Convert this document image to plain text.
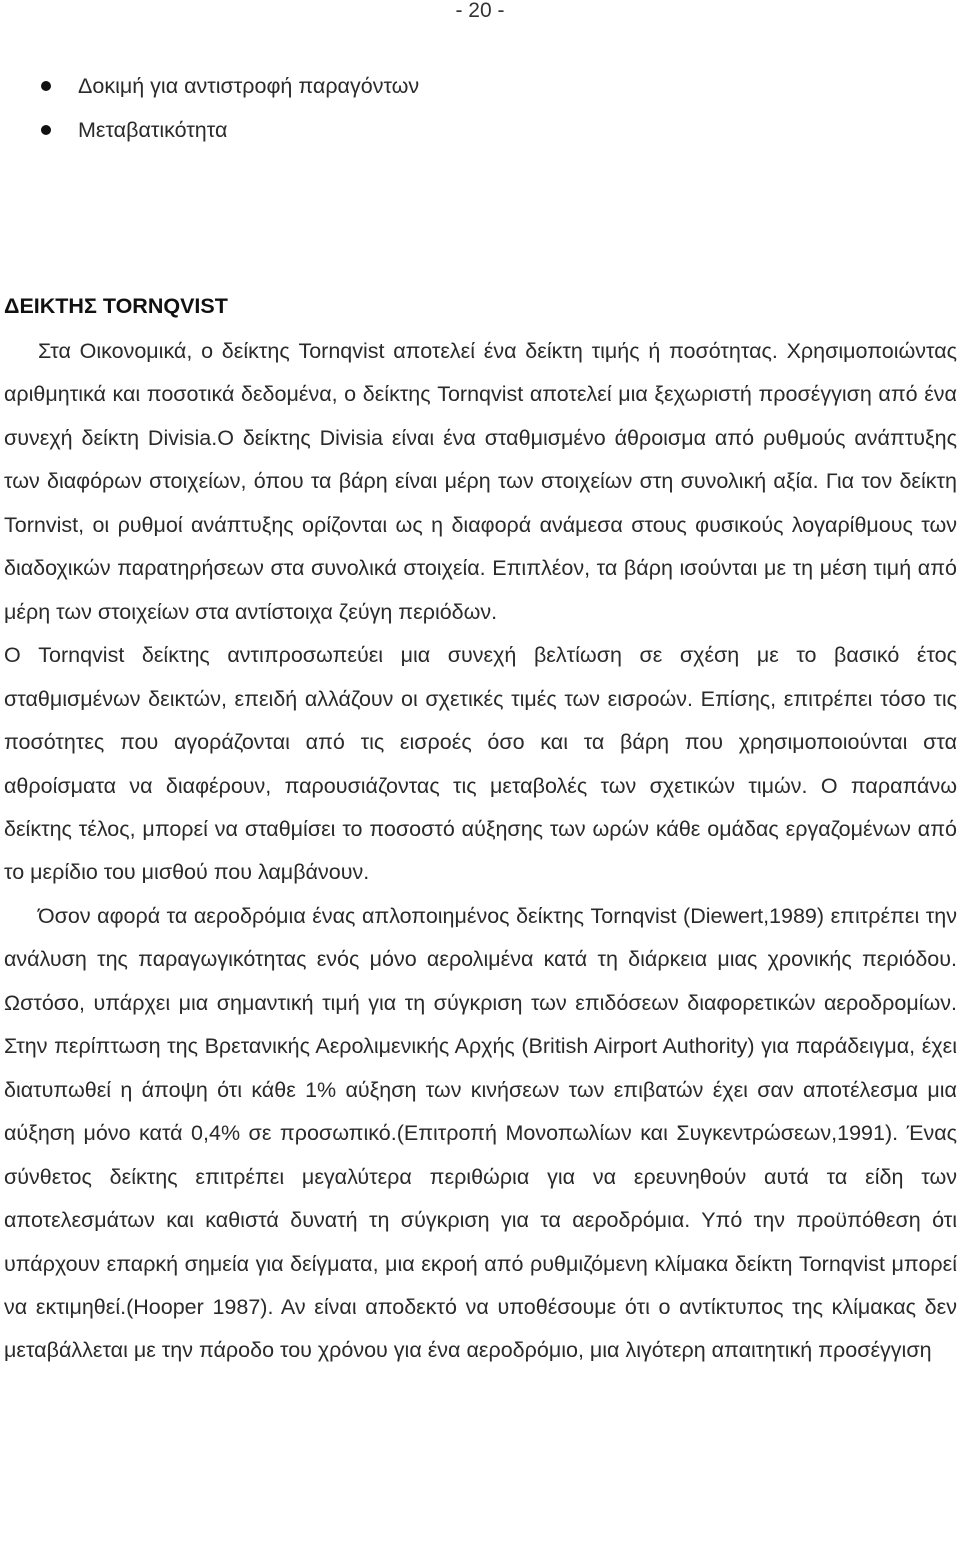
- 20 -
Δοκιμή για αντιστροφή παραγόντων
Μεταβατικότητα
ΔΕΙΚΤΗΣ TORNQVIST

Στα Οικονομικά, ο δείκτης Tornqvist αποτελεί ένα δείκτη τιμής ή ποσότητας. Χρησιμοποιώντας αριθμητικά και ποσοτικά δεδομένα, ο δείκτης Tornqvist αποτελεί μια ξεχωριστή προσέγγιση από ένα συνεχή δείκτη Divisia.Ο δείκτης Divisia είναι ένα σταθμισμένο άθροισμα από ρυθμούς ανάπτυξης των διαφόρων στοιχείων, όπου τα βάρη είναι μέρη των στοιχείων στη συνολική αξία. Για τον δείκτη Tornvist, οι ρυθμοί ανάπτυξης ορίζονται ως η διαφορά ανάμεσα στους φυσικούς λογαρίθμους των διαδοχικών παρατηρήσεων στα συνολικά στοιχεία. Επιπλέον, τα βάρη ισούνται με τη μέση τιμή από μέρη των στοιχείων στα αντίστοιχα ζεύγη περιόδων.

Ο Tornqvist δείκτης αντιπροσωπεύει μια συνεχή βελτίωση σε σχέση με το βασικό έτος σταθμισμένων δεικτών, επειδή αλλάζουν οι σχετικές τιμές των εισροών. Επίσης, επιτρέπει τόσο τις ποσότητες που αγοράζονται από τις εισροές όσο και τα βάρη που χρησιμοποιούνται στα αθροίσματα να διαφέρουν, παρουσιάζοντας τις μεταβολές των σχετικών τιμών. Ο παραπάνω δείκτης τέλος, μπορεί να σταθμίσει το ποσοστό αύξησης των ωρών κάθε ομάδας εργαζομένων από το μερίδιο του μισθού που λαμβάνουν.

Όσον αφορά τα αεροδρόμια ένας απλοποιημένος δείκτης Tornqvist (Diewert,1989) επιτρέπει την ανάλυση της παραγωγικότητας ενός μόνο αερολιμένα κατά τη διάρκεια μιας χρονικής περιόδου. Ωστόσο, υπάρχει μια σημαντική τιμή για τη σύγκριση των επιδόσεων διαφορετικών αεροδρομίων. Στην περίπτωση της Βρετανικής Αερολιμενικής Αρχής (British Airport Authority) για παράδειγμα, έχει διατυπωθεί η άποψη ότι κάθε 1% αύξηση των κινήσεων των επιβατών έχει σαν αποτέλεσμα μια αύξηση μόνο κατά 0,4% σε προσωπικό.(Επιτροπή Μονοπωλίων και Συγκεντρώσεων,1991). Ένας σύνθετος δείκτης επιτρέπει μεγαλύτερα περιθώρια για να ερευνηθούν αυτά τα είδη των αποτελεσμάτων και καθιστά δυνατή τη σύγκριση για τα αεροδρόμια. Υπό την προϋπόθεση ότι υπάρχουν επαρκή σημεία για δείγματα, μια εκροή από ρυθμιζόμενη κλίμακα δείκτη Tornqvist μπορεί να εκτιμηθεί.(Hooper 1987). Αν είναι αποδεκτό να υποθέσουμε ότι ο αντίκτυπος της κλίμακας δεν μεταβάλλεται με την πάροδο του χρόνου για ένα αεροδρόμιο, μια λιγότερη απαιτητική προσέγγιση
